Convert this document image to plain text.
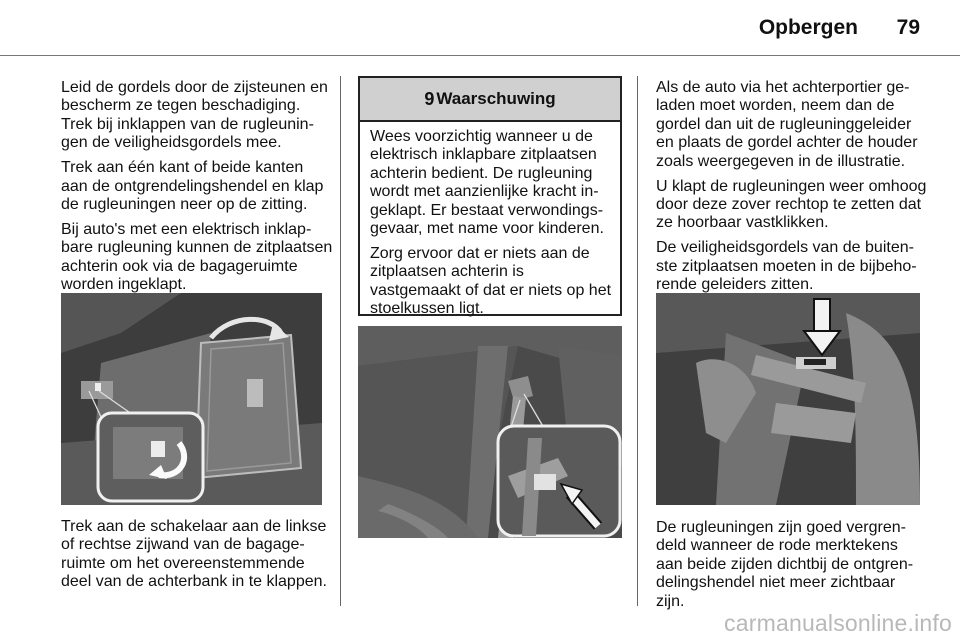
Opbergen	79

Leid de gordels door de zijsteunen en bescherm ze tegen beschadiging. Trek bij inklappen van de rugleuningen de veiligheidsgordels mee.

Trek aan één kant of beide kanten aan de ontgrendelingshendel en klap de rugleuningen neer op de zitting.

Bij auto's met een elektrisch inklapbare rugleuning kunnen de zitplaatsen achterin ook via de bagageruimte worden ingeklapt.

Trek aan de schakelaar aan de linkse of rechtse zijwand van de bagageruimte om het overeenstemmende deel van de achterbank in te klappen.

9 Waarschuwing

Wees voorzichtig wanneer u de elektrisch inklapbare zitplaatsen achterin bedient. De rugleuning wordt met aanzienlijke kracht ingeklapt. Er bestaat verwondingsgevaar, met name voor kinderen.

Zorg ervoor dat er niets aan de zitplaatsen achterin is vastgemaakt of dat er niets op het stoelkussen ligt.

Als de auto via het achterportier geladen moet worden, neem dan de gordel dan uit de rugleuninggeleider en plaats de gordel achter de houder zoals weergegeven in de illustratie.

U klapt de rugleuningen weer omhoog door deze zover rechtop te zetten dat ze hoorbaar vastklikken.

De veiligheidsgordels van de buitenste zitplaatsen moeten in de bijbehorende geleiders zitten.

De rugleuningen zijn goed vergrendeld wanneer de rode merktekens aan beide zijden dichtbij de ontgrendelingshendel niet meer zichtbaar zijn.

carmanualsonline.info
